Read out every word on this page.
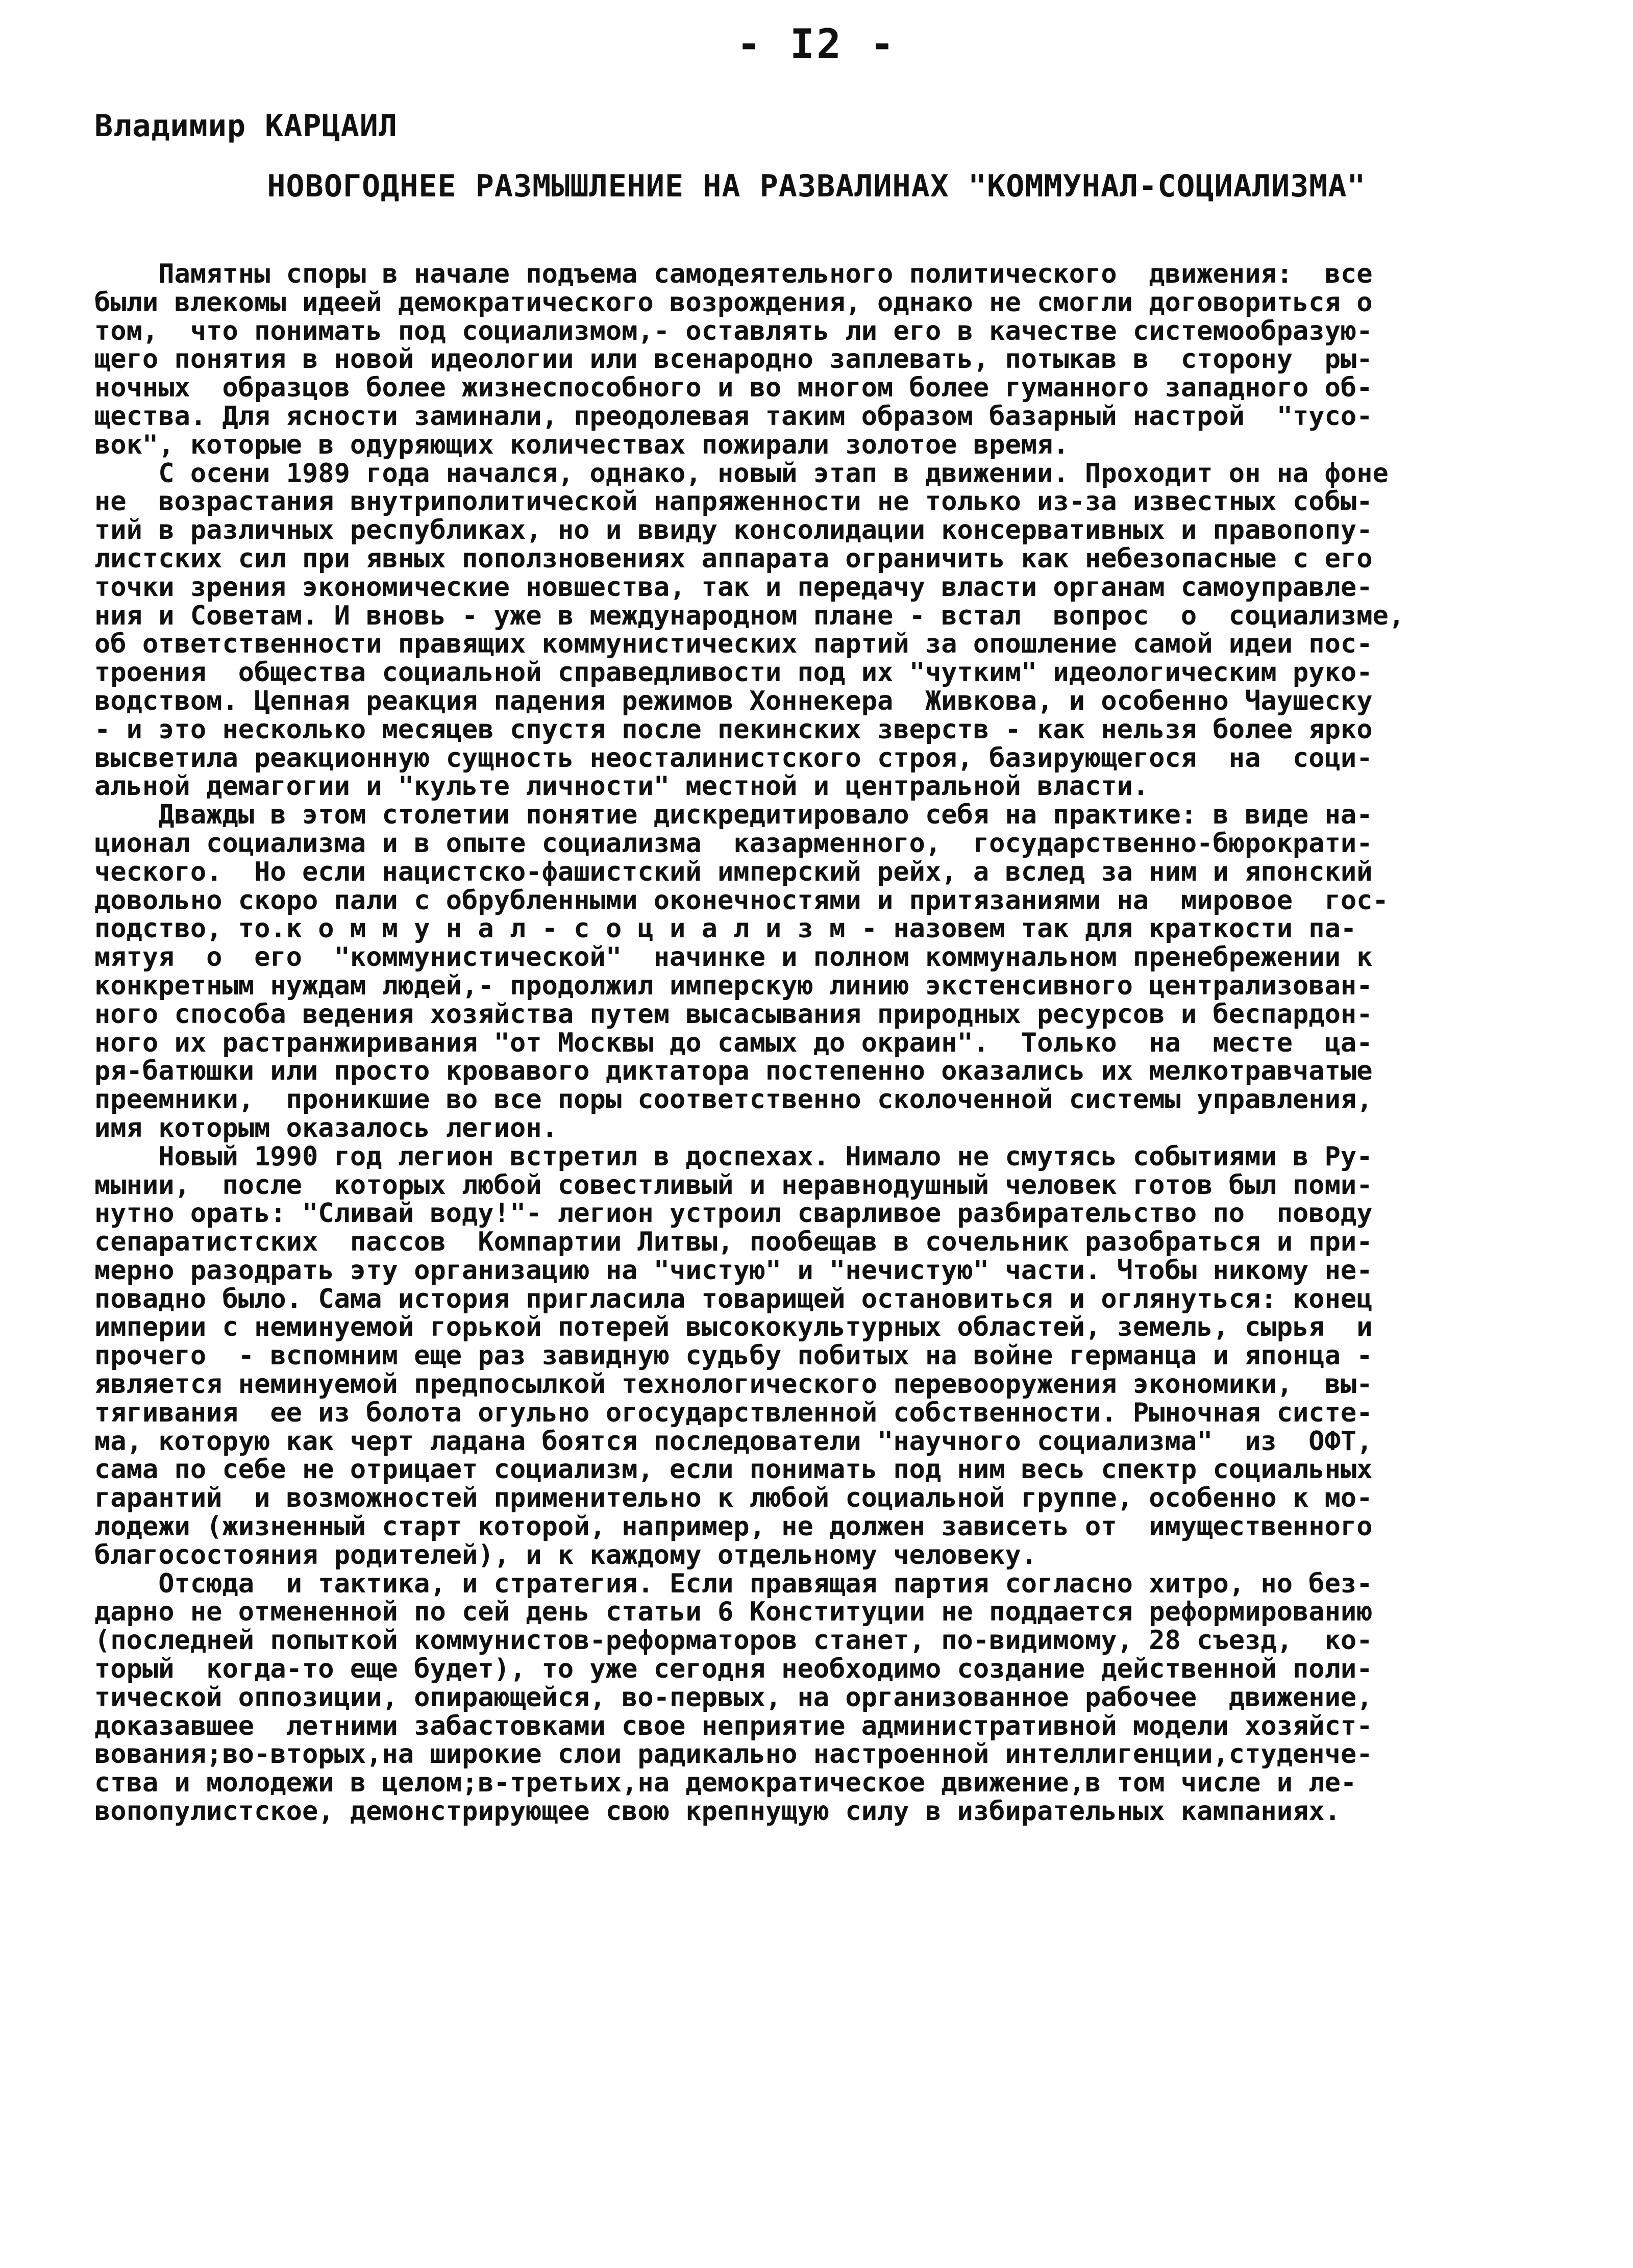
- I2 -
Владимир КАРЦАИЛ
НОВОГОДНЕЕ РАЗМЫШЛЕНИЕ НА РАЗВАЛИНАХ "КОММУНАЛ-СОЦИАЛИЗМА"
Памятны споры в начале подъема самодеятельного политического  движения:  все
были влекомы идеей демократического возрождения, однако не смогли договориться о
том,  что понимать под социализмом,- оставлять ли его в качестве системообразую-
щего понятия в новой идеологии или всенародно заплевать, потыкав в  сторону  ры-
ночных  образцов более жизнеспособного и во многом более гуманного западного об-
щества. Для ясности заминали, преодолевая таким образом базарный настрой  "тусо-
вок", которые в одуряющих количествах пожирали золотое время.
С осени 1989 года начался, однако, новый этап в движении. Проходит он на фоне
не  возрастания внутриполитической напряженности не только из-за известных собы-
тий в различных республиках, но и ввиду консолидации консервативных и правопопу-
листских сил при явных поползновениях аппарата ограничить как небезопасные с его
точки зрения экономические новшества, так и передачу власти органам самоуправле-
ния и Советам. И вновь - уже в международном плане - встал  вопрос  о  социализме,
об ответственности правящих коммунистических партий за опошление самой идеи пос-
троения  общества социальной справедливости под их "чутким" идеологическим руко-
водством. Цепная реакция падения режимов Хоннекера  Живкова, и особенно Чаушеску
- и это несколько месяцев спустя после пекинских зверств - как нельзя более ярко
высветила реакционную сущность неосталинистского строя, базирующегося  на  соци-
альной демагогии и "культе личности" местной и центральной власти.
Дважды в этом столетии понятие дискредитировало себя на практике: в виде на-
ционал социализма и в опыте социализма  казарменного,  государственно-бюрократи-
ческого.  Но если нацистско-фашистский имперский рейх, а вслед за ним и японский
довольно скоро пали с обрубленными оконечностями и притязаниями на  мировое  гос-
подство, то.к о м м у н а л - с о ц и а л и з м - назовем так для краткости па-
мятуя  о  его  "коммунистической"  начинке и полном коммунальном пренебрежении к
конкретным нуждам людей,- продолжил имперскую линию экстенсивного централизован-
ного способа ведения хозяйства путем высасывания природных ресурсов и беспардон-
ного их растранжиривания "от Москвы до самых до окраин".  Только  на  месте  ца-
ря-батюшки или просто кровавого диктатора постепенно оказались их мелкотравчатые
преемники,  проникшие во все поры соответственно сколоченной системы управления,
имя которым оказалось легион.
Новый 1990 год легион встретил в доспехах. Нимало не смутясь событиями в Ру-
мынии,  после  которых любой совестливый и неравнодушный человек готов был поми-
нутно орать: "Сливай воду!"- легион устроил сварливое разбирательство по  поводу
сепаратистских  пассов  Компартии Литвы, пообещав в сочельник разобраться и при-
мерно разодрать эту организацию на "чистую" и "нечистую" части. Чтобы никому не-
повадно было. Сама история пригласила товарищей остановиться и оглянуться: конец
империи с неминуемой горькой потерей высококультурных областей, земель, сырья  и
прочего  - вспомним еще раз завидную судьбу побитых на войне германца и японца -
является неминуемой предпосылкой технологического перевооружения экономики,  вы-
тягивания  ее из болота огульно огосударствленной собственности. Рыночная систе-
ма, которую как черт ладана боятся последователи "научного социализма"  из  ОФТ,
сама по себе не отрицает социализм, если понимать под ним весь спектр социальных
гарантий  и возможностей применительно к любой социальной группе, особенно к мо-
лодежи (жизненный старт которой, например, не должен зависеть от  имущественного
благосостояния родителей), и к каждому отдельному человеку.
Отсюда  и тактика, и стратегия. Если правящая партия согласно хитро, но без-
дарно не отмененной по сей день статьи 6 Конституции не поддается реформированию
(последней попыткой коммунистов-реформаторов станет, по-видимому, 28 съезд,  ко-
торый  когда-то еще будет), то уже сегодня необходимо создание действенной поли-
тической оппозиции, опирающейся, во-первых, на организованное рабочее  движение,
доказавшее  летними забастовками свое неприятие административной модели хозяйст-
вования;во-вторых,на широкие слои радикально настроенной интеллигенции,студенче-
ства и молодежи в целом;в-третьих,на демократическое движение,в том числе и ле-
вопопулистское, демонстрирующее свою крепнущую силу в избирательных кампаниях.
